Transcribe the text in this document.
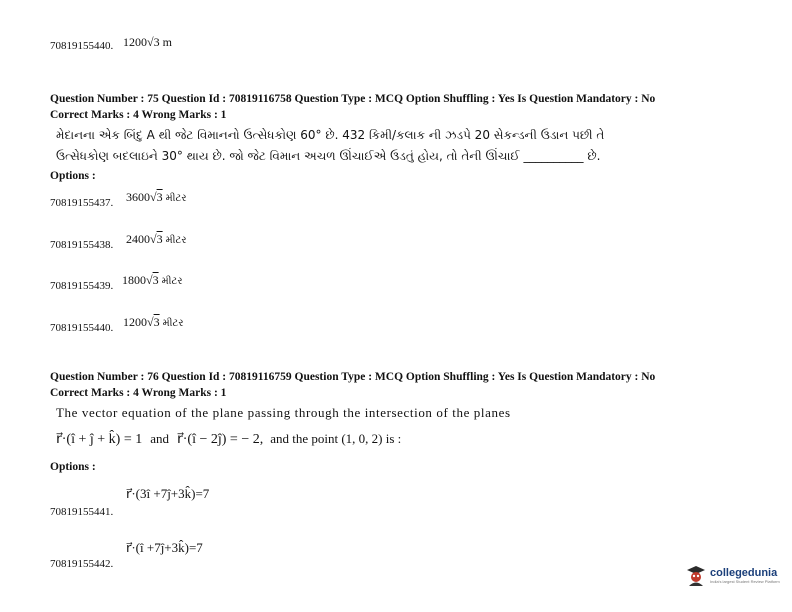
70819155440. 1200√3 m
Question Number : 75 Question Id : 70819116758 Question Type : MCQ Option Shuffling : Yes Is Question Mandatory : No
Correct Marks : 4 Wrong Marks : 1
મેદાનના એક બિંદુ A થી જેટ વિમાનનો ઉત્સેધકોણ 60° છે. 432 કિમી/કલાક ની ઝડપે 20 સેકન્ડની ઉડાન પછી તે
ઉત્સેધકોણ બદલાઇને 30° થાય છે. જો જેટ વિમાન અચળ ઊંચાઈએ ઉડતું હોય, તો તેની ઊંચાઈ __________ છે.
Options :
70819155437. 3600√3 મીટર
70819155438. 2400√3 મીટર
70819155439. 1800√3 મીટર
70819155440. 1200√3 મીટર
Question Number : 76 Question Id : 70819116759 Question Type : MCQ Option Shuffling : Yes Is Question Mandatory : No
Correct Marks : 4 Wrong Marks : 1
The vector equation of the plane passing through the intersection of the planes
r⃗·(î + ĵ + k̂) = 1 and r⃗·(î − 2ĵ) = − 2, and the point (1, 0, 2) is :
Options :
70819155441.
r⃗·(3î +7ĵ+3k̂)=7
70819155442.
r⃗·(î +7ĵ+3k̂)=7
collegedunia
India's largest Student Review Platform
